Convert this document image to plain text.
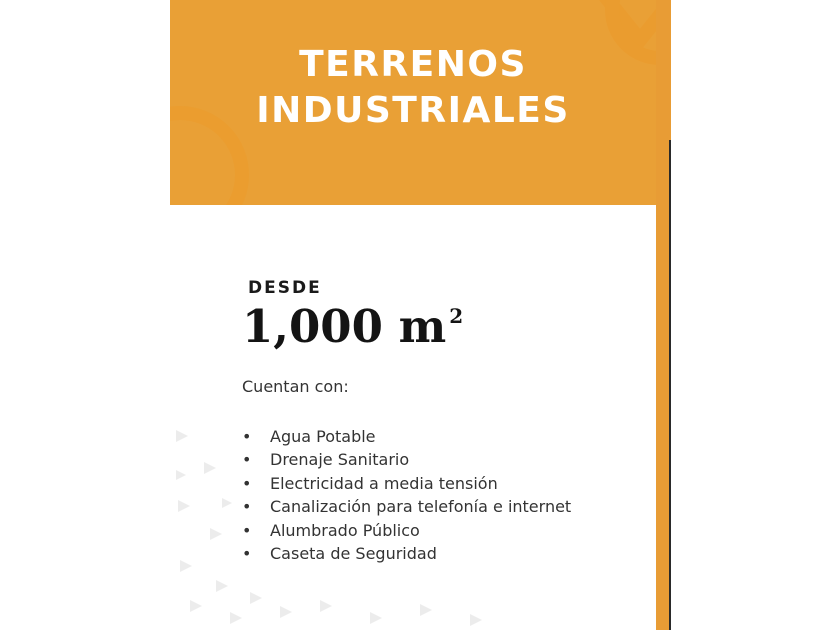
TERRENOS
INDUSTRIALES
DESDE
1,000 m $^2$
Cuentan con:
• Agua Potable
• Drenaje Sanitario
• Electricidad a media tensión
• Canalización para telefonía e internet
• Alumbrado Público
• Caseta de Seguridad
